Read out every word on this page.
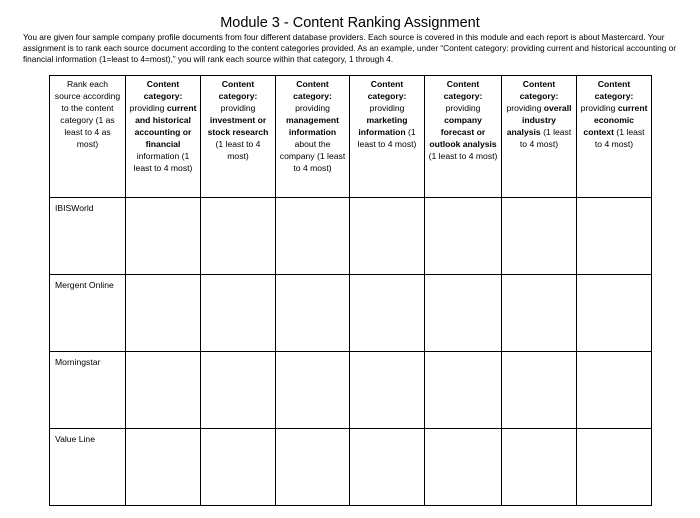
Module 3 - Content Ranking Assignment
You are given four sample company profile documents from four different database providers. Each source is covered in this module and each report is about Mastercard. Your assignment is to rank each source document according to the content categories provided. As an example, under “Content category: providing current and historical accounting or financial information (1=least to 4=most),” you will rank each source within that category, 1 through 4.
Rank each source according to the content category (1 as least to 4 as most)	Content category: providing current and historical accounting or financial information (1 least to 4 most)	Content category: providing investment or stock research (1 least to 4 most)	Content category: providing management information about the company (1 least to 4 most)	Content category: providing marketing information (1 least to 4 most)	Content category: providing company forecast or outlook analysis (1 least to 4 most)	Content category: providing overall industry analysis (1 least to 4 most)	Content category: providing current economic context (1 least to 4 most)
IBISWorld							
Mergent Online							
Morningstar							
Value Line							
